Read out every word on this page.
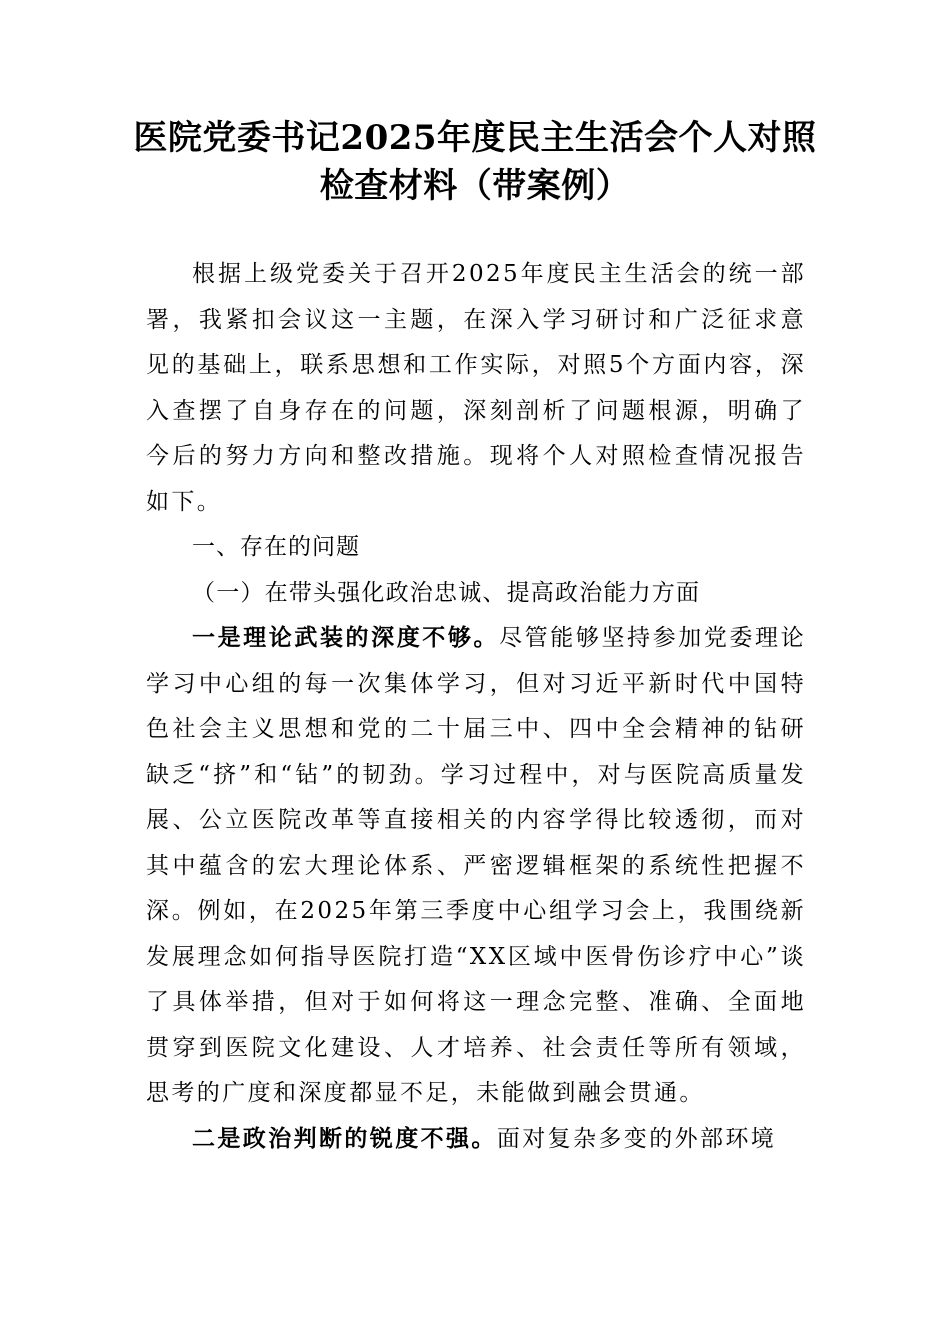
医院党委书记2025年度民主生活会个人对照检查材料（带案例）

根据上级党委关于召开2025年度民主生活会的统一部署，我紧扣会议这一主题，在深入学习研讨和广泛征求意见的基础上，联系思想和工作实际，对照5个方面内容，深入查摆了自身存在的问题，深刻剖析了问题根源，明确了今后的努力方向和整改措施。现将个人对照检查情况报告如下。

一、存在的问题

（一）在带头强化政治忠诚、提高政治能力方面

一是理论武装的深度不够。尽管能够坚持参加党委理论学习中心组的每一次集体学习，但对习近平新时代中国特色社会主义思想和党的二十届三中、四中全会精神的钻研缺乏“挤”和“钻”的韧劲。学习过程中，对与医院高质量发展、公立医院改革等直接相关的内容学得比较透彻，而对其中蕴含的宏大理论体系、严密逻辑框架的系统性把握不深。例如，在2025年第三季度中心组学习会上，我围绕新发展理念如何指导医院打造“XX区域中医骨伤诊疗中心”谈了具体举措，但对于如何将这一理念完整、准确、全面地贯穿到医院文化建设、人才培养、社会责任等所有领域，思考的广度和深度都显不足，未能做到融会贯通。

二是政治判断的锐度不强。面对复杂多变的外部环境
